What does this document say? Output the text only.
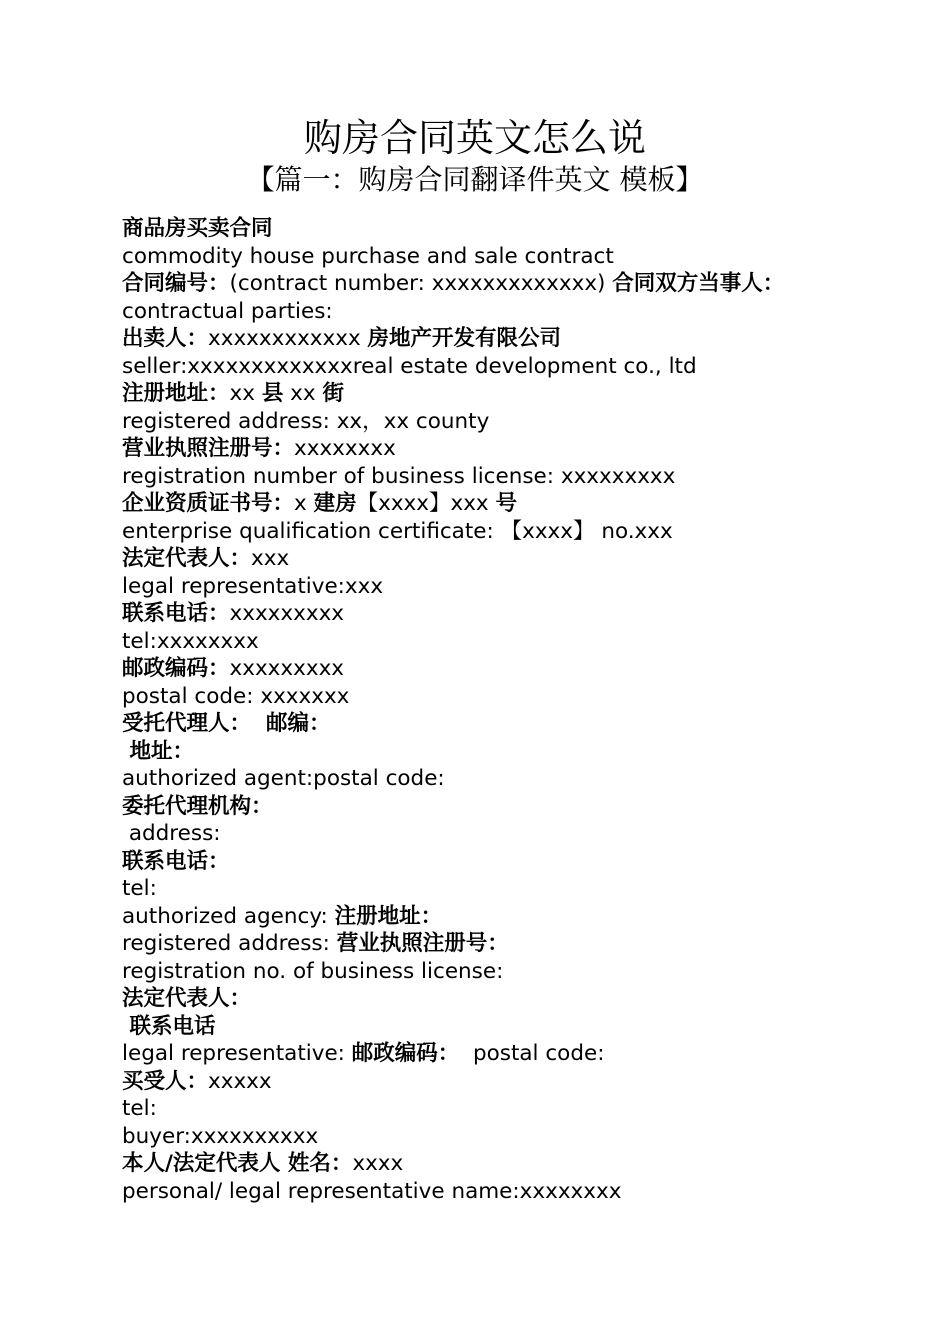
购房合同英文怎么说
【篇一：购房合同翻译件英文 模板】
商品房买卖合同
commodity house purchase and sale contract
合同编号：(contract number: xxxxxxxxxxxxx) 合同双方当事人：
contractual parties:
出卖人：xxxxxxxxxxxx 房地产开发有限公司
seller:xxxxxxxxxxxxxreal estate development co., ltd
注册地址：xx 县 xx 街
registered address: xx，xx county
营业执照注册号：xxxxxxxx
registration number of business license: xxxxxxxxx
企业资质证书号：x 建房【xxxx】xxx 号
enterprise qualification certificate: 【xxxx】 no.xxx
法定代表人：xxx
legal representative:xxx
联系电话：xxxxxxxxx
tel:xxxxxxxx
邮政编码：xxxxxxxxx
postal code: xxxxxxx
受托代理人：  邮编：
地址：
authorized agent:postal code:
委托代理机构：
address:
联系电话：
tel:
authorized agency: 注册地址：
registered address: 营业执照注册号：
registration no. of business license:
法定代表人：
联系电话
legal representative: 邮政编码：  postal code:
买受人：xxxxx
tel:
buyer:xxxxxxxxxx
本人/法定代表人 姓名：xxxx
personal/ legal representative name:xxxxxxxx
